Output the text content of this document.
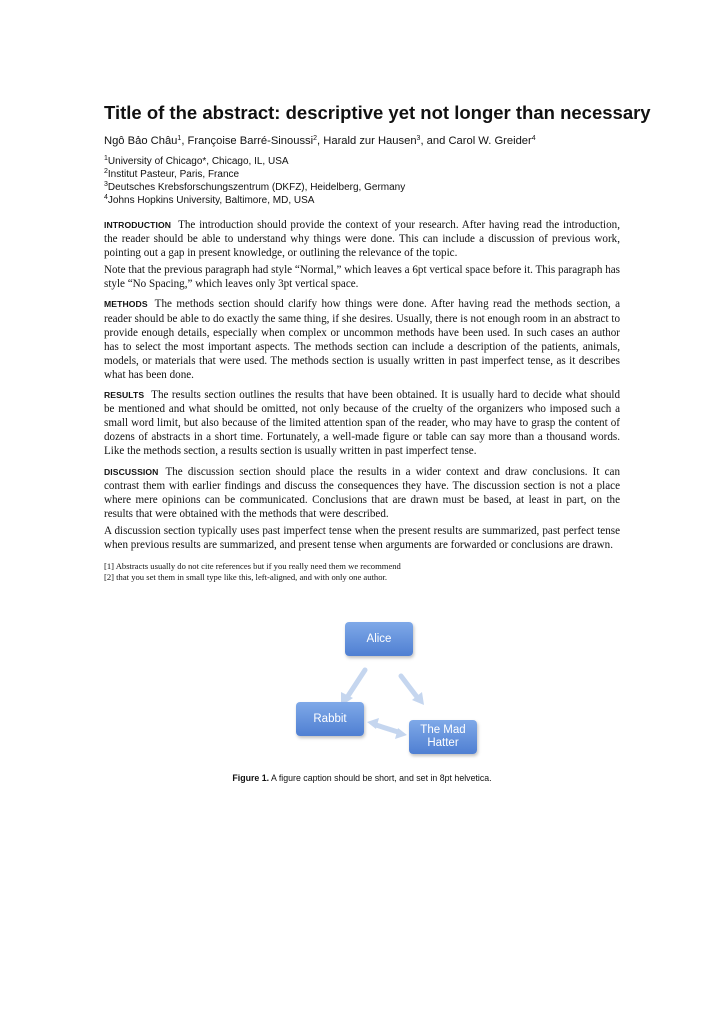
Title of the abstract: descriptive yet not longer than necessary
Ngô Bảo Châu$^1$, Françoise Barré-Sinoussi$^2$, Harald zur Hausen$^3$, and Carol W. Greider$^4$
$^1$University of Chicago*, Chicago, IL, USA
$^2$Institut Pasteur, Paris, France
$^3$Deutsches Krebsforschungszentrum (DKFZ), Heidelberg, Germany
$^4$Johns Hopkins University, Baltimore, MD, USA

INTRODUCTION The introduction should provide the context of your research. After having read the introduction, the reader should be able to understand why things were done. This can include a discussion of previous work, pointing out a gap in present knowledge, or outlining the relevance of the topic.

Note that the previous paragraph had style “Normal,” which leaves a 6pt vertical space before it. This paragraph has style “No Spacing,” which leaves only 3pt vertical space.

METHODS The methods section should clarify how things were done. After having read the methods section, a reader should be able to do exactly the same thing, if she desires. Usually, there is not enough room in an abstract to provide enough details, especially when complex or uncommon methods have been used. In such cases an author has to select the most important aspects. The methods section can include a description of the patients, animals, models, or materials that were used. The methods section is usually written in past imperfect tense, as it describes what has been done.

RESULTS The results section outlines the results that have been obtained. It is usually hard to decide what should be mentioned and what should be omitted, not only because of the cruelty of the organizers who imposed such a small word limit, but also because of the limited attention span of the reader, who may have to grasp the content of dozens of abstracts in a short time. Fortunately, a well-made figure or table can say more than a thousand words. Like the methods section, a results section is usually written in past imperfect tense.

DISCUSSION The discussion section should place the results in a wider context and draw conclusions. It can contrast them with earlier findings and discuss the consequences they have. The discussion section is not a place where mere opinions can be communicated. Conclusions that are drawn must be based, at least in part, on the results that were obtained with the methods that were described.

A discussion section typically uses past imperfect tense when the present results are summarized, past perfect tense when previous results are summarized, and present tense when arguments are forwarded or conclusions are drawn.

[1] Abstracts usually do not cite references but if you really need them we recommend
[2] that you set them in small type like this, left-aligned, and with only one author.
Alice
Rabbit
The Mad
Hatter
Figure 1. A figure caption should be short, and set in 8pt helvetica.
